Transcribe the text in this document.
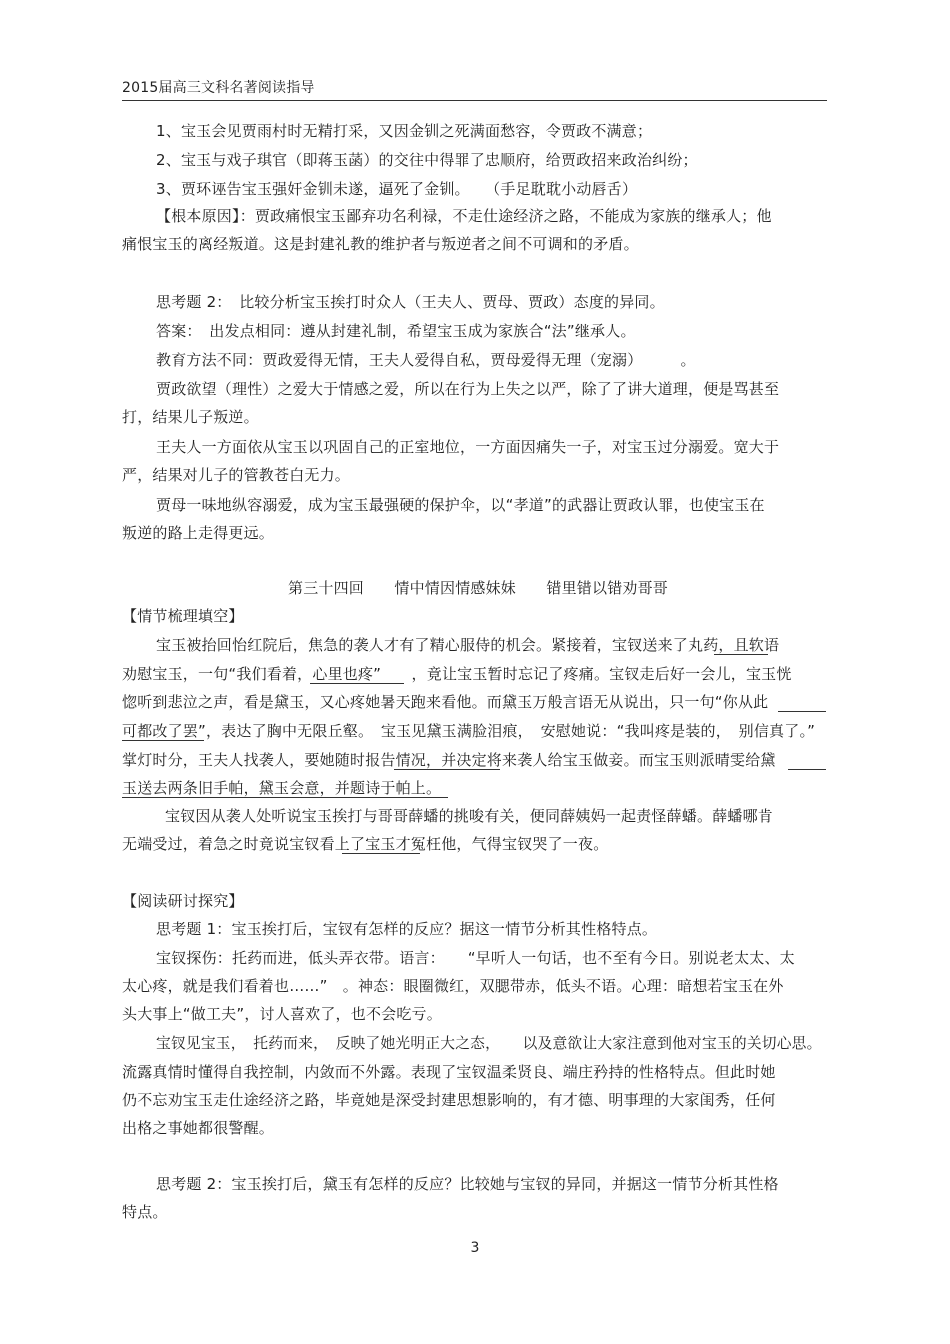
2015届高三文科名著阅读指导
1、宝玉会见贾雨村时无精打采，又因金钏之死满面愁容，令贾政不满意；
2、宝玉与戏子琪官（即蒋玉菡）的交往中得罪了忠顺府，给贾政招来政治纠纷；
3、贾环诬告宝玉强奸金钏未遂，逼死了金钏。　　（手足耽耽小动唇舌）
【根本原因】：贾政痛恨宝玉鄙弃功名利禄，不走仕途经济之路，不能成为家族的继承人；他
痛恨宝玉的离经叛道。这是封建礼教的维护者与叛逆者之间不可调和的矛盾。
思考题 2：　比较分析宝玉挨打时众人（王夫人、贾母、贾政）态度的异同。
答案：　出发点相同：遵从封建礼制，希望宝玉成为家族合“法”继承人。
教育方法不同：贾政爱得无情，王夫人爱得自私，贾母爱得无理（宠溺）　　　。
贾政欲望（理性）之爱大于情感之爱，所以在行为上失之以严，除了了讲大道理，便是骂甚至
打，结果儿子叛逆。
王夫人一方面依从宝玉以巩固自己的正室地位，一方面因痛失一子，对宝玉过分溺爱。宽大于
严，结果对儿子的管教苍白无力。
贾母一味地纵容溺爱，成为宝玉最强硬的保护伞，以“孝道”的武器让贾政认罪，也使宝玉在
叛逆的路上走得更远。
第三十四回　　情中情因情感妹妹　　错里错以错劝哥哥
【情节梳理填空】
宝玉被抬回怡红院后，焦急的袭人才有了精心服侍的机会。紧接着，宝钗送来了丸药，且软语
劝慰宝玉，一句“我们看着，心里也疼”　　，竟让宝玉暂时忘记了疼痛。宝钗走后好一会儿，宝玉恍
惚听到悲泣之声，看是黛玉，又心疼她暑天跑来看他。而黛玉万般言语无从说出，只一句“你从此
可都改了罢”，表达了胸中无限丘壑。　宝玉见黛玉满脸泪痕，　安慰她说：“我叫疼是装的，　别信真了。”
掌灯时分，王夫人找袭人，要她随时报告情况，并决定将来袭人给宝玉做妾。而宝玉则派晴雯给黛
玉送去两条旧手帕，黛玉会意，并题诗于帕上。
宝钗因从袭人处听说宝玉挨打与哥哥薛蟠的挑唆有关，便同薛姨妈一起责怪薛蟠。薛蟠哪肯
无端受过，着急之时竟说宝钗看上了宝玉才冤枉他，气得宝钗哭了一夜。
【阅读研讨探究】
思考题 1：宝玉挨打后，宝钗有怎样的反应？据这一情节分析其性格特点。
宝钗探伤：托药而进，低头弄衣带。语言：　　“早听人一句话，也不至有今日。别说老太太、太
太心疼，就是我们看着也……”　。神态：眼圈微红，双腮带赤，低头不语。心理：暗想若宝玉在外
头大事上“做工夫”，讨人喜欢了，也不会吃亏。
宝钗见宝玉，　托药而来，　反映了她光明正大之态，　　以及意欲让大家注意到他对宝玉的关切心思。
流露真情时懂得自我控制，内敛而不外露。表现了宝钗温柔贤良、端庄矜持的性格特点。但此时她
仍不忘劝宝玉走仕途经济之路，毕竟她是深受封建思想影响的，有才德、明事理的大家闺秀，任何
出格之事她都很警醒。
思考题 2：宝玉挨打后，黛玉有怎样的反应？比较她与宝钗的异同，并据这一情节分析其性格
特点。
3
